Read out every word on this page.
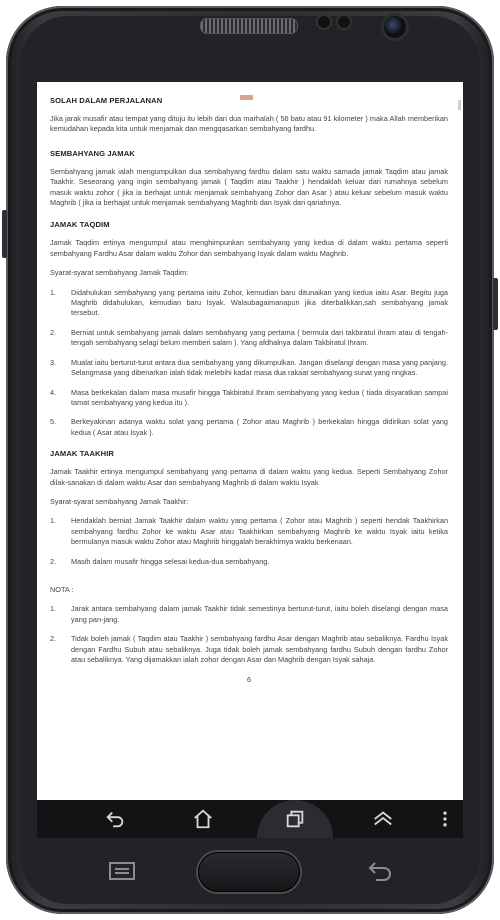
SOLAH DALAM PERJALANAN
Jika jarak musafir atau tempat yang dituju itu lebih dari dua marhalah ( 56 batu atau 91 kilometer ) maka Allah memberikan kemudahan kepada kita untuk menjamak dan mengqasarkan sembahyang fardhu.
SEMBAHYANG JAMAK
Sembahyang jamak ialah mengumpulkan dua sembahyang fardhu dalam satu waktu samada jamak Taqdim atau jamak Taakhir. Seseorang yang ingin sembahyang jamak ( Taqdim atau Taakhir ) hendaklah keluar dari rumahnya sebelum masuk waktu zohor ( jika ia berhajat untuk menjamak sembahyang Zohor dan Asar ) atau keluar sebelum masuk waktu Maghrib ( jika ia berhajat untuk menjamak sembahyang Maghrib dan Isyak dari qariahnya.
JAMAK TAQDIM
Jamak Taqdim ertinya mengumpul atau menghimpunkan sembahyang yang kedua di dalam waktu pertama seperti sembahyang Fardhu Asar dalam waktu Zohor dan sembahyang Isyak dalam waktu Maghrib.
Syarat-syarat sembahyang Jamak Taqdim:
1. Didahulukan sembahyang yang pertama iaitu Zohor, kemudian baru ditunaikan yang kedua iaitu Asar. Begitu juga Maghrib didahulukan, kemudian baru Isyak. Walaubagaimanapun jika diterbalikkan,sah sembahyang jamak tersebut.
2. Berniat untuk sembahyang jamak dalam sembahyang yang pertama ( bermula dari takbiratul ihram atau di tengah-tengah sembahyang selagi belum memberi salam ). Yang afdhalnya dalam Takbiratul Ihram.
3. Mualat iaitu berturut-turut antara dua sembahyang yang dikumpulkan. Jangan diselangi dengan masa yang panjang. Selangmasa yang dibenarkan ialah tidak melebihi kadar masa dua rakaat sembahyang sunat yang ringkas.
4. Masa berkekalan dalam masa musafir hingga Takbiratul Ihram sembahyang yang kedua ( tiada disyaratkan sampai tamat sembahyang yang kedua itu ).
5. Berkeyakinan adanya waktu solat yang pertama ( Zohor atau Maghrib ) berkekalan hingga didirikan solat yang kedua ( Asar atau Isyak ).
JAMAK TAAKHIR
Jamak Taakhir ertinya mengumpul sembahyang yang pertama di dalam waktu yang kedua. Seperti Sembahyang Zohor dilak-sanakan di dalam waktu Asar dan sembahyang Maghrib di dalam waktu Isyak
Syarat-syarat sembahyang Jamak Taakhir:
1. Hendaklah berniat Jamak Taakhir dalam waktu yang pertama ( Zohor atau Maghrib ) seperti hendak Taakhirkan sembahyang fardhu Zohor ke waktu Asar atau Taakhirkan sembahyang Maghrib ke waktu Isyak iaitu ketika bermulanya masuk waktu Zohor atau Maghrib hinggalah berakhirnya waktu berkenaan.
2. Masih dalam musafir hingga selesai kedua-dua sembahyang.
NOTA :
1. Jarak antara sembahyang dalam jamak Taakhir tidak semestinya berturut-turut, iaitu boleh diselangi dengan masa yang pan-jang.
2. Tidak boleh jamak ( Taqdim atau Taakhir ) sembahyang fardhu Asar dengan Maghrib atau sebaliknya. Fardhu Isyak dengan Fardhu Subuh atau sebaliknya. Juga tidak boleh jamak sembahyang fardhu Subuh dengan fardhu Zohor atau sebaliknya. Yang dijamakkan ialah zohor dengan Asar dan Maghrib dengan Isyak sahaja.
6
